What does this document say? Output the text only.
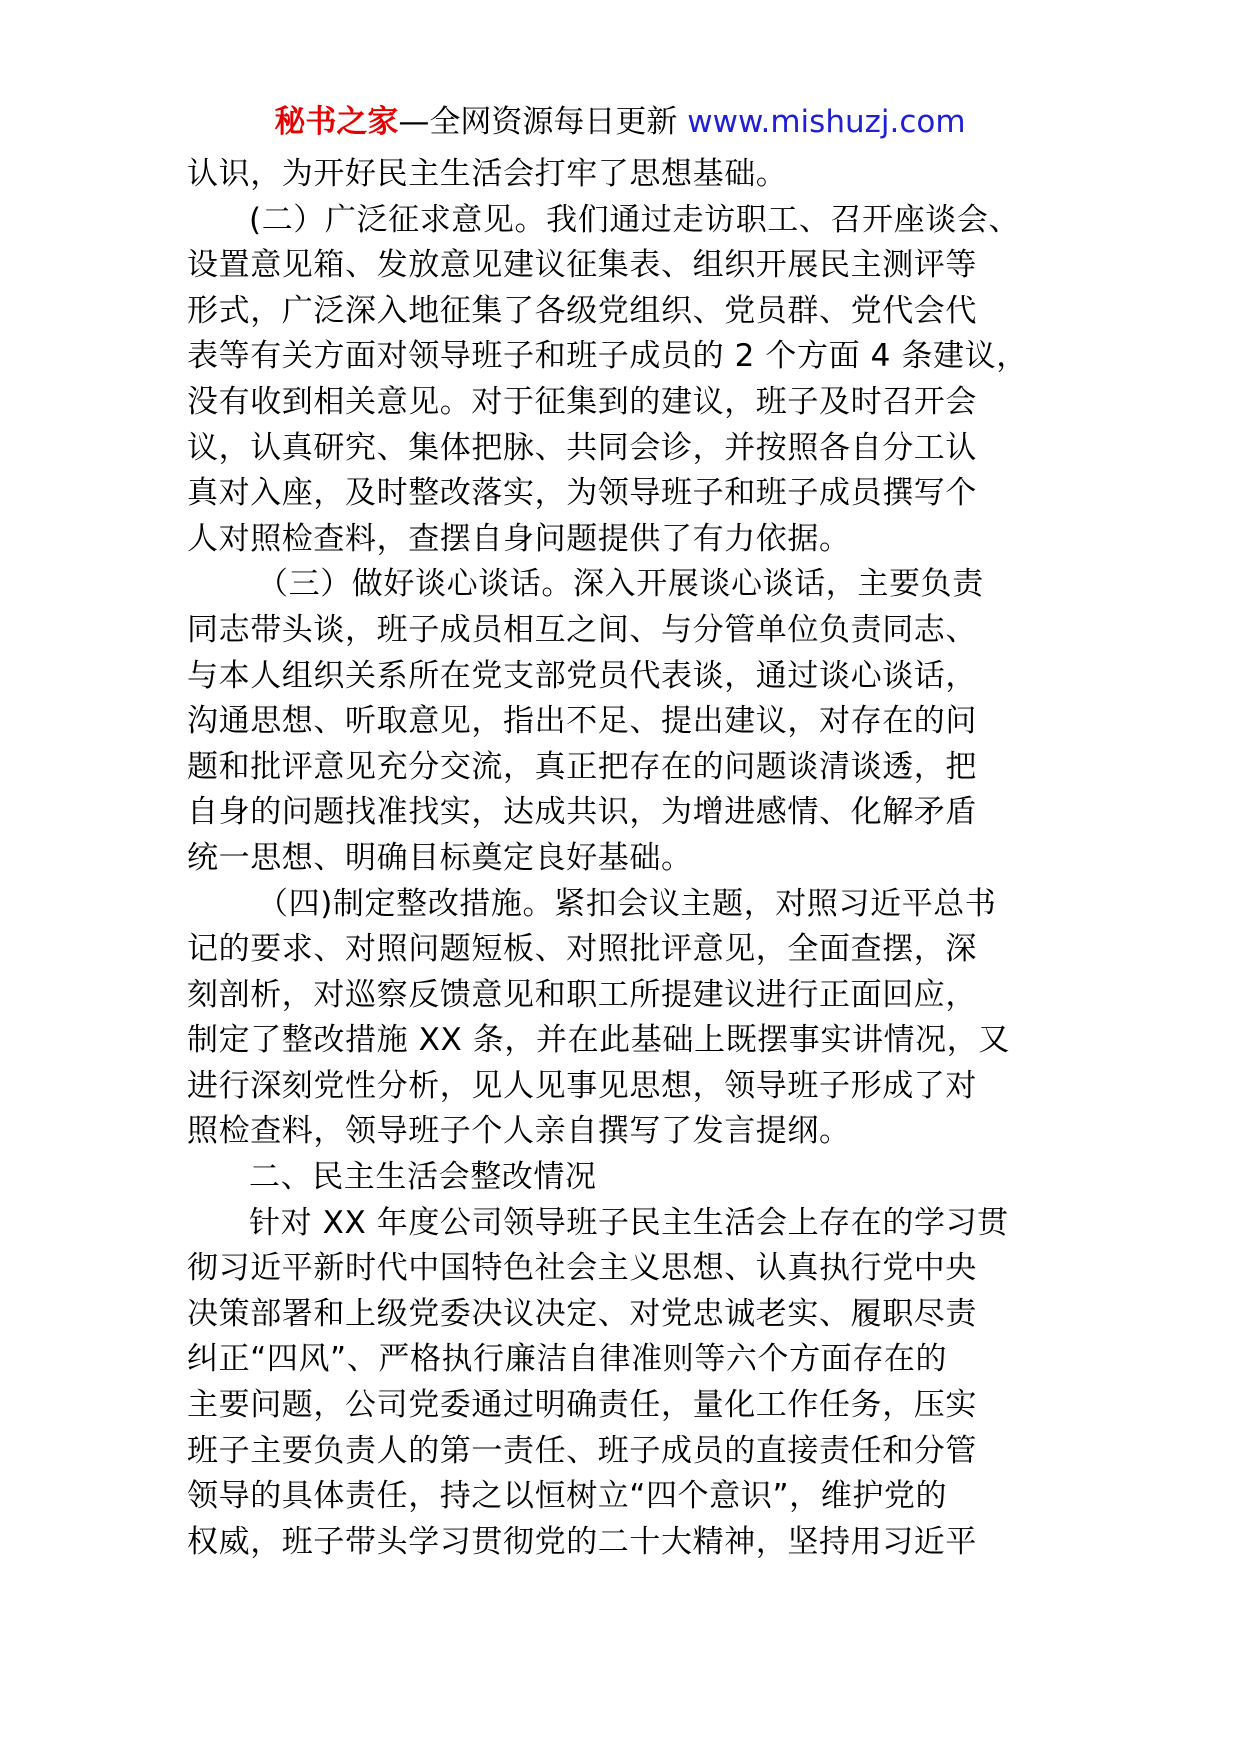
秘书之家—全网资源每日更新 www.mishuzj.com
认识，为开好民主生活会打牢了思想基础。
(二）广泛征求意见。我们通过走访职工、召开座谈会、
设置意见箱、发放意见建议征集表、组织开展民主测评等
形式，广泛深入地征集了各级党组织、党员群、党代会代
表等有关方面对领导班子和班子成员的 2 个方面 4 条建议，
没有收到相关意见。对于征集到的建议，班子及时召开会
议，认真研究、集体把脉、共同会诊，并按照各自分工认
真对入座，及时整改落实，为领导班子和班子成员撰写个
人对照检查料，查摆自身问题提供了有力依据。
（三）做好谈心谈话。深入开展谈心谈话，主要负责
同志带头谈，班子成员相互之间、与分管单位负责同志、
与本人组织关系所在党支部党员代表谈，通过谈心谈话，
沟通思想、听取意见，指出不足、提出建议，对存在的问
题和批评意见充分交流，真正把存在的问题谈清谈透，把
自身的问题找准找实，达成共识，为增进感情、化解矛盾
统一思想、明确目标奠定良好基础。
（四)制定整改措施。紧扣会议主题，对照习近平总书
记的要求、对照问题短板、对照批评意见，全面查摆，深
刻剖析，对巡察反馈意见和职工所提建议进行正面回应，
制定了整改措施 XX 条，并在此基础上既摆事实讲情况，又
进行深刻党性分析，见人见事见思想，领导班子形成了对
照检查料，领导班子个人亲自撰写了发言提纲。
二、民主生活会整改情况
针对 XX 年度公司领导班子民主生活会上存在的学习贯
彻习近平新时代中国特色社会主义思想、认真执行党中央
决策部署和上级党委决议决定、对党忠诚老实、履职尽责
纠正“四风”、严格执行廉洁自律准则等六个方面存在的
主要问题，公司党委通过明确责任，量化工作任务，压实
班子主要负责人的第一责任、班子成员的直接责任和分管
领导的具体责任，持之以恒树立“四个意识”，维护党的
权威，班子带头学习贯彻党的二十大精神，坚持用习近平
